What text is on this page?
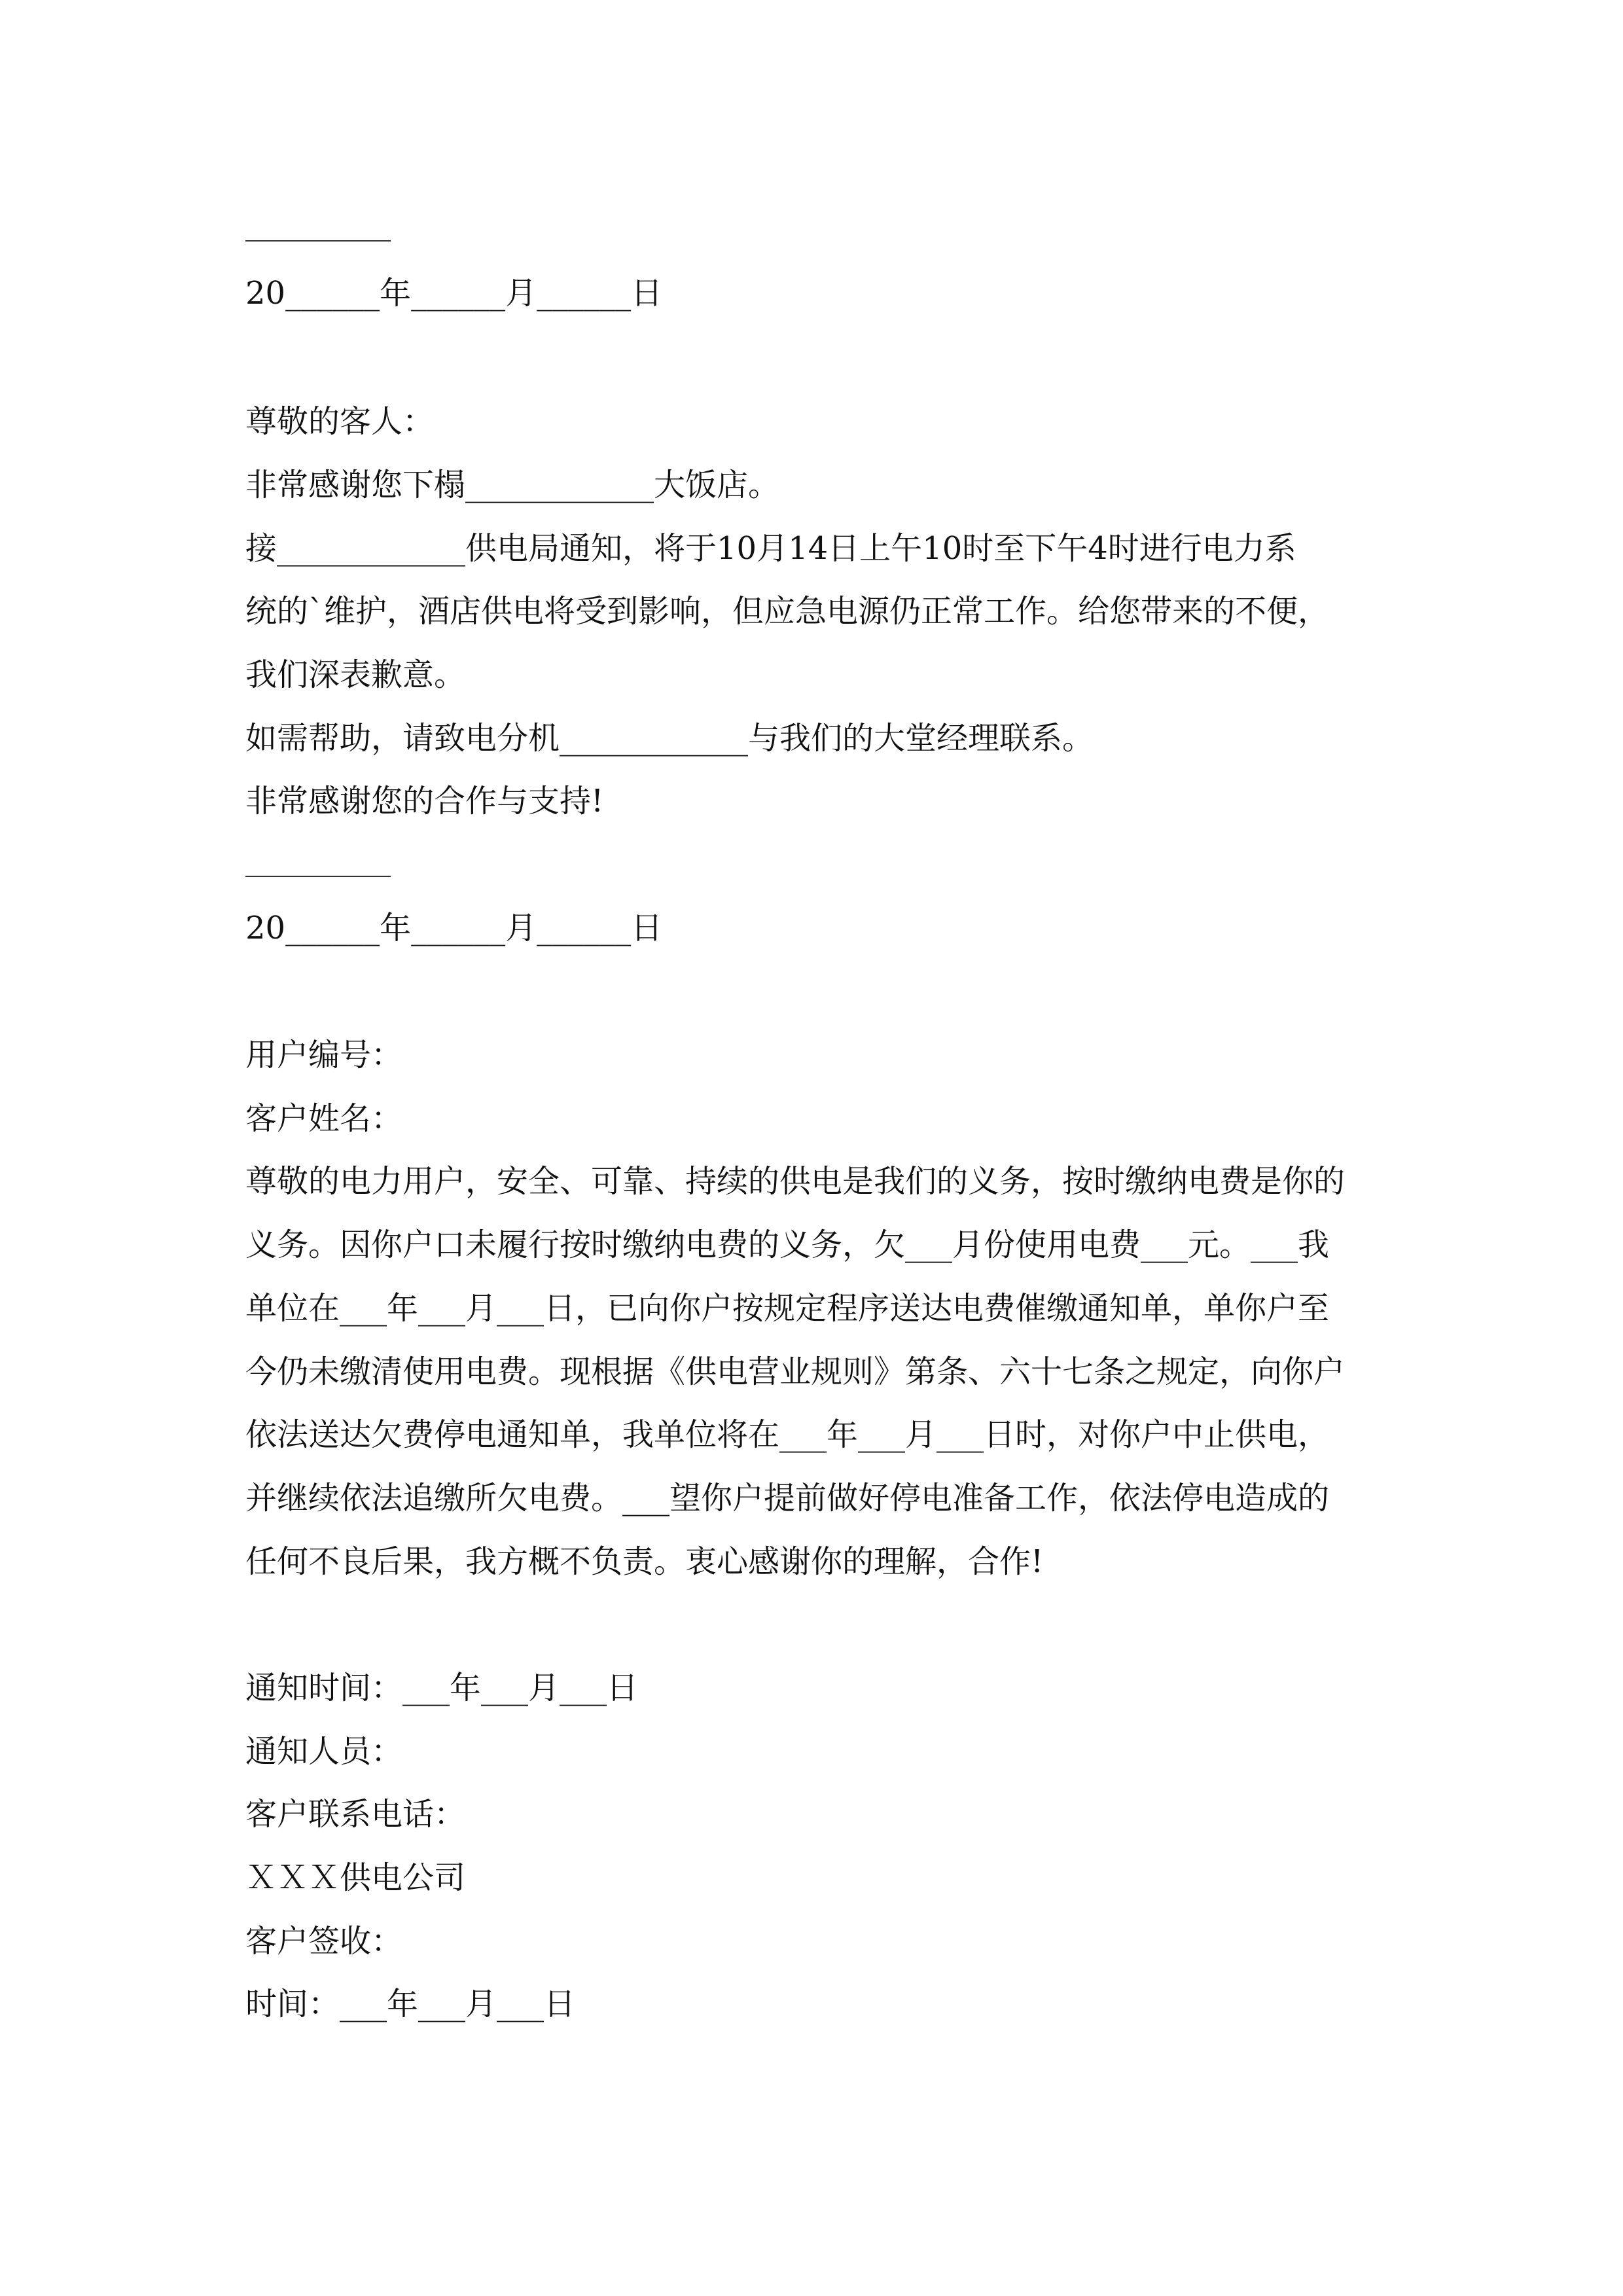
20______年______月______日
尊敬的客人：
非常感谢您下榻____________大饭店。
接____________供电局通知，将于10月14日上午10时至下午4时进行电力系
统的`维护，酒店供电将受到影响，但应急电源仍正常工作。给您带来的不便，
我们深表歉意。
如需帮助，请致电分机____________与我们的大堂经理联系。
非常感谢您的合作与支持!
20______年______月______日
用户编号：
客户姓名：
尊敬的电力用户，安全、可靠、持续的供电是我们的义务，按时缴纳电费是你的
义务。因你户口未履行按时缴纳电费的义务，欠___月份使用电费___元。___我
单位在___年___月___日，已向你户按规定程序送达电费催缴通知单，单你户至
今仍未缴清使用电费。现根据《供电营业规则》第条、六十七条之规定，向你户
依法送达欠费停电通知单，我单位将在___年___月___日时，对你户中止供电，
并继续依法追缴所欠电费。___望你户提前做好停电准备工作，依法停电造成的
任何不良后果，我方概不负责。衷心感谢你的理解，合作!
通知时间：___年___月___日
通知人员：
客户联系电话：
ＸＸＸ供电公司
客户签收：
时间：___年___月___日
